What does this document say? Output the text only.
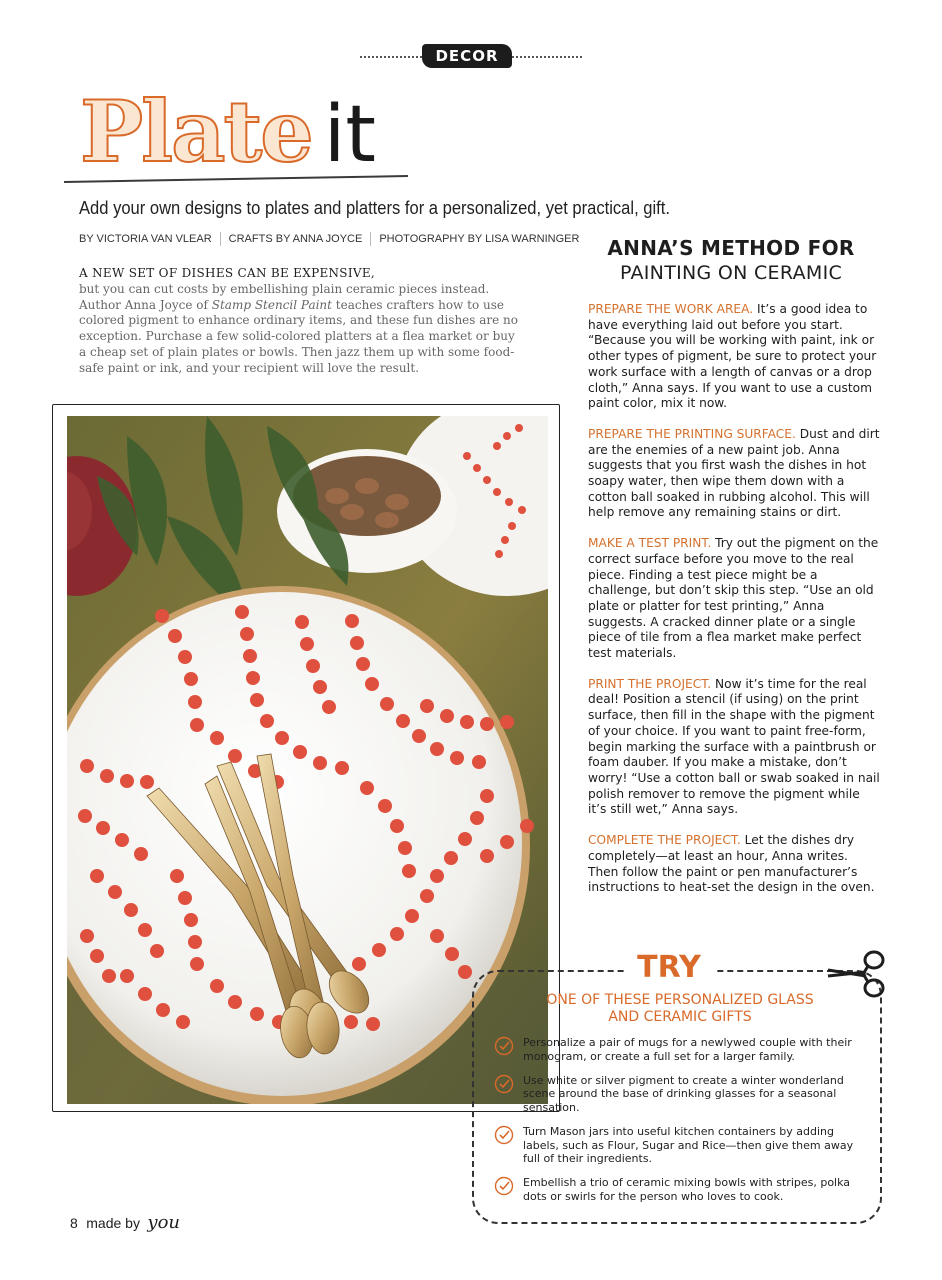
DECOR
Plate it
Add your own designs to plates and platters for a personalized, yet practical, gift.
BY VICTORIA VAN VLEAR	CRAFTS BY ANNA JOYCE	PHOTOGRAPHY BY LISA WARNINGER
A NEW SET OF DISHES CAN BE EXPENSIVE,
but you can cut costs by embellishing plain ceramic pieces instead. Author Anna Joyce of Stamp Stencil Paint teaches crafters how to use colored pigment to enhance ordinary items, and these fun dishes are no exception. Purchase a few solid-colored platters at a flea market or buy a cheap set of plain plates or bowls. Then jazz them up with some food-safe paint or ink, and your recipient will love the result.
ANNA’S METHOD FOR
PAINTING ON CERAMIC

PREPARE THE WORK AREA. It’s a good idea to have everything laid out before you start. “Because you will be working with paint, ink or other types of pigment, be sure to protect your work surface with a length of canvas or a drop cloth,” Anna says. If you want to use a custom paint color, mix it now.

PREPARE THE PRINTING SURFACE. Dust and dirt are the enemies of a new paint job. Anna suggests that you first wash the dishes in hot soapy water, then wipe them down with a cotton ball soaked in rubbing alcohol. This will help remove any remaining stains or dirt.

MAKE A TEST PRINT. Try out the pigment on the correct surface before you move to the real piece. Finding a test piece might be a challenge, but don’t skip this step. “Use an old plate or platter for test printing,” Anna suggests. A cracked dinner plate or a single piece of tile from a flea market make perfect test materials.

PRINT THE PROJECT. Now it’s time for the real deal! Position a stencil (if using) on the print surface, then fill in the shape with the pigment of your choice. If you want to paint free-form, begin marking the surface with a paintbrush or foam dauber. If you make a mistake, don’t worry! “Use a cotton ball or swab soaked in nail polish remover to remove the pigment while it’s still wet,” Anna says.

COMPLETE THE PROJECT. Let the dishes dry completely—at least an hour, Anna writes. Then follow the paint or pen manufacturer’s instructions to heat-set the design in the oven.

TRY
ONE OF THESE PERSONALIZED GLASS
AND CERAMIC GIFTS
Personalize a pair of mugs for a newlywed couple with their monogram, or create a full set for a larger family.
Use white or silver pigment to create a winter wonderland scene around the base of drinking glasses for a seasonal sensation.
Turn Mason jars into useful kitchen containers by adding labels, such as Flour, Sugar and Rice—then give them away full of their ingredients.
Embellish a trio of ceramic mixing bowls with stripes, polka dots or swirls for the person who loves to cook.
8 made by you
